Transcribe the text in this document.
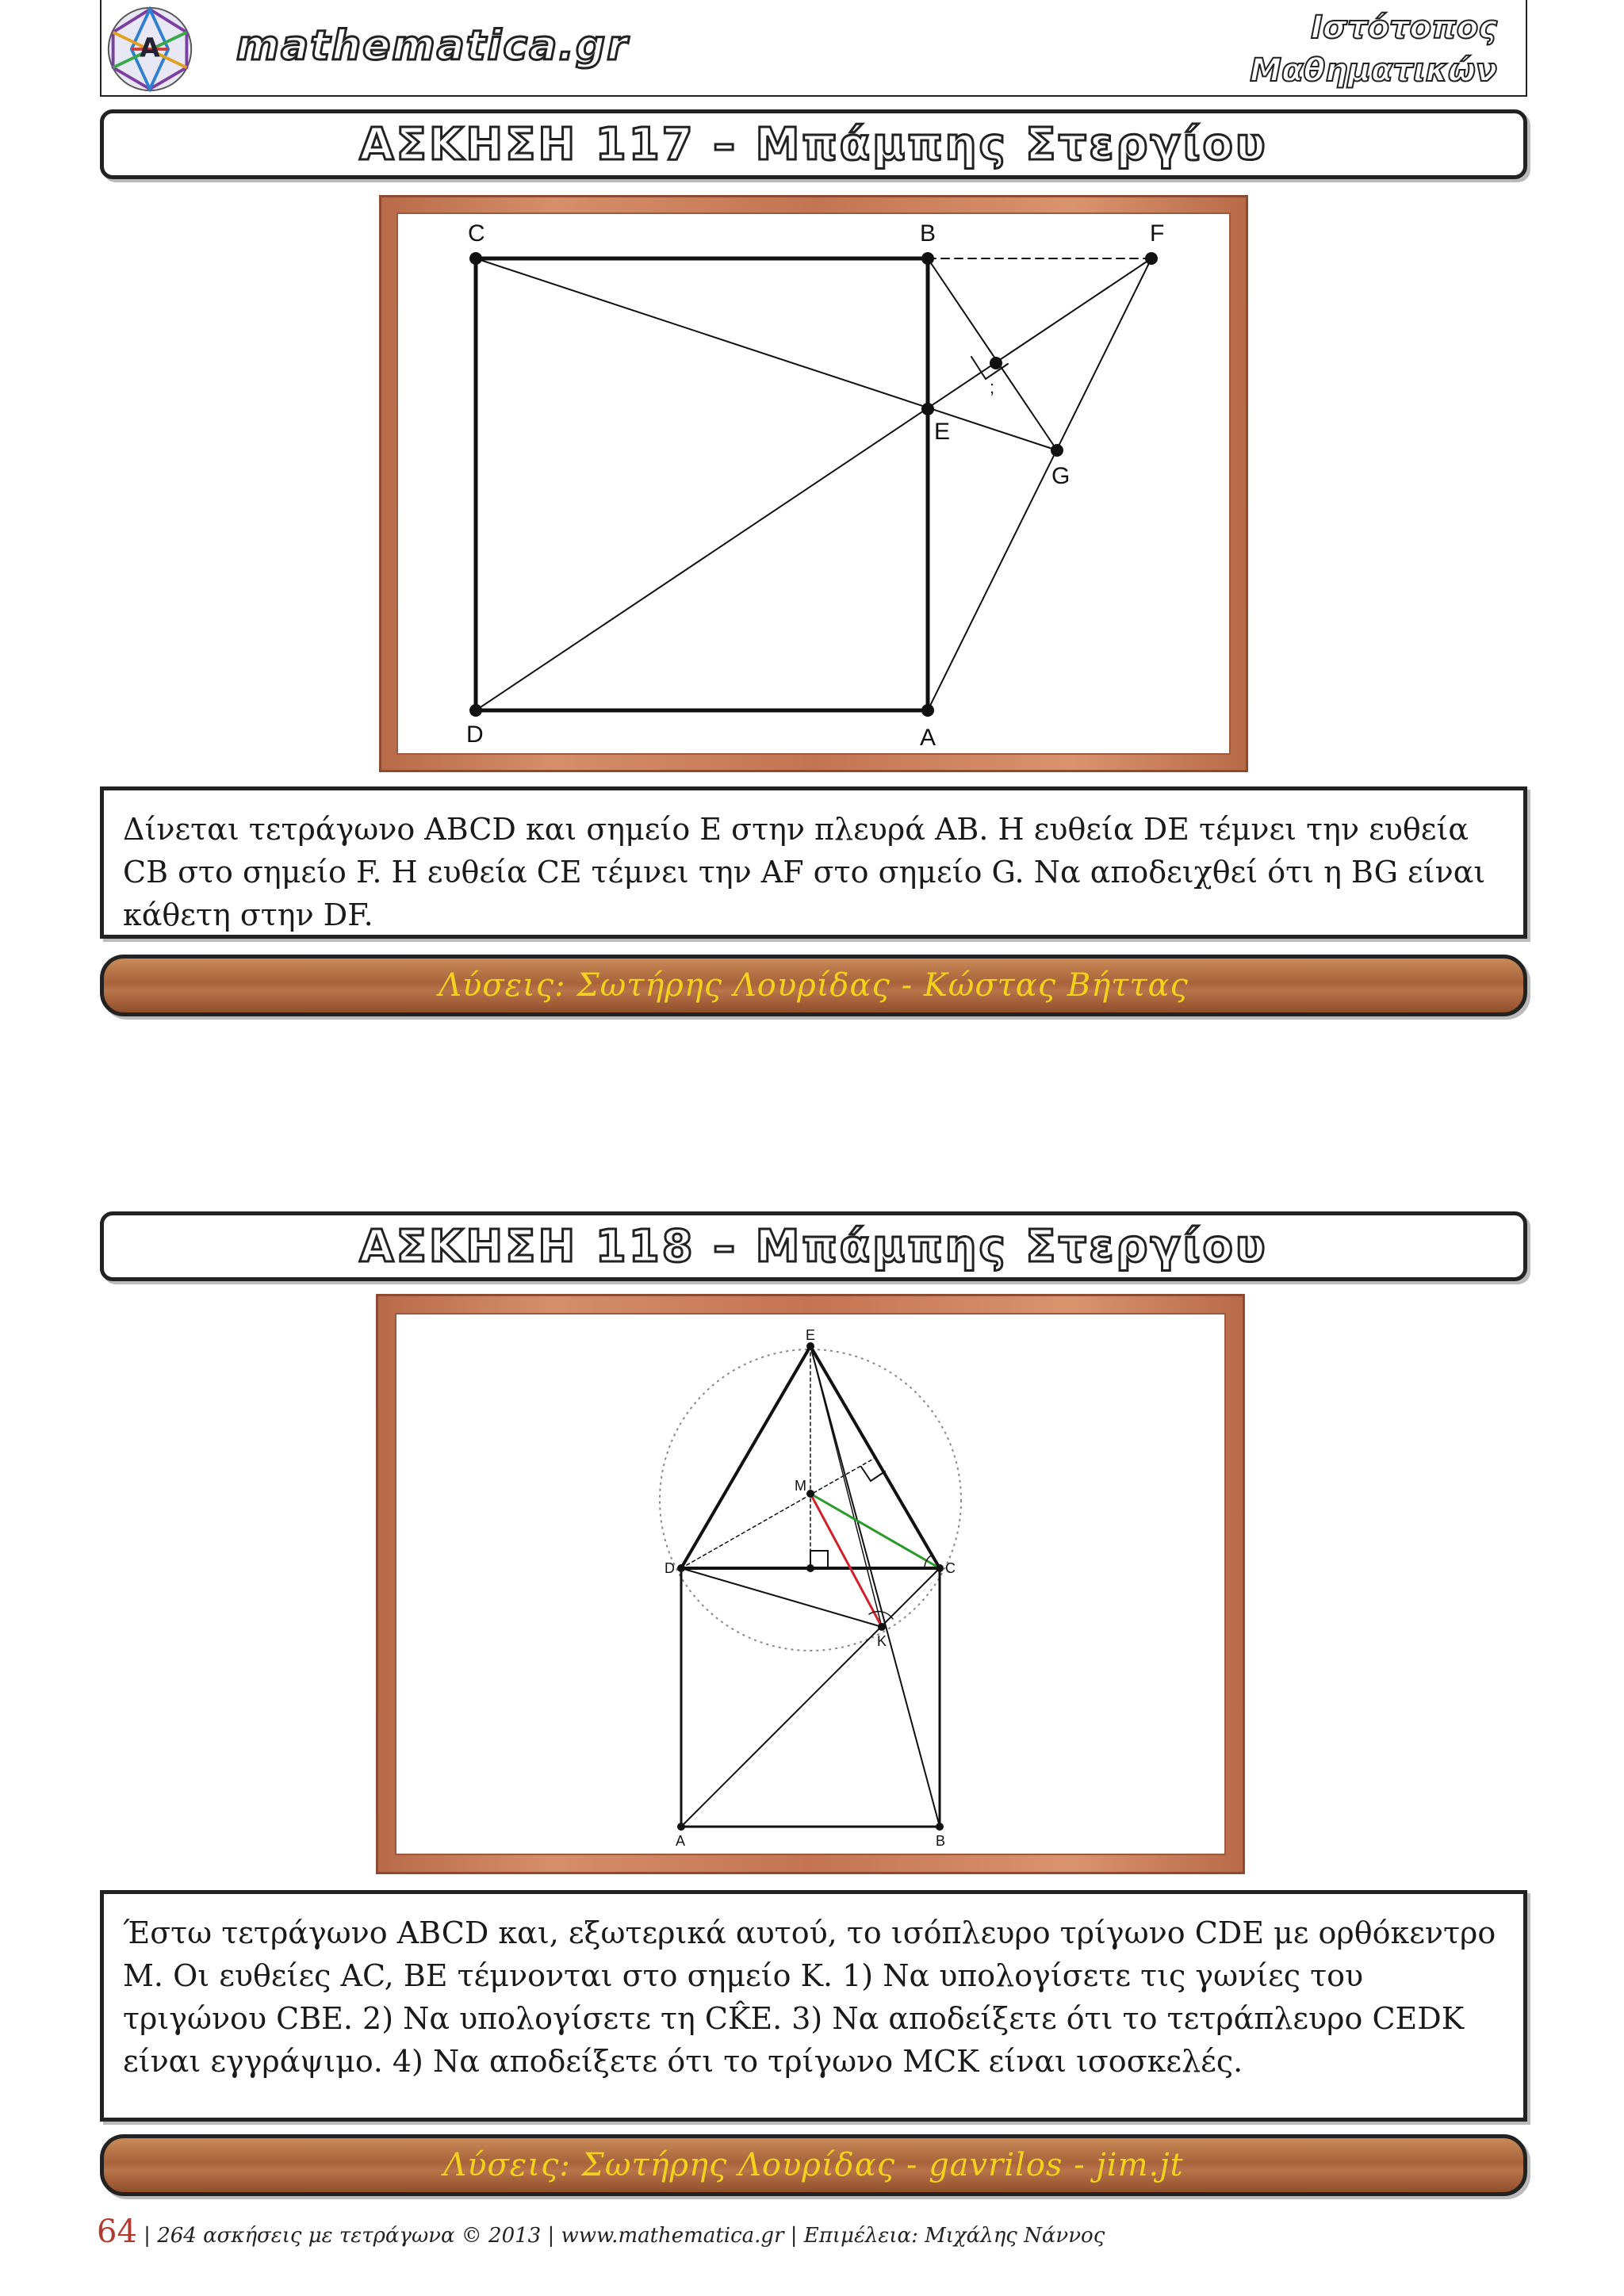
A mathematica.gr	Ιστότοπος
Μαθηματικών
ΑΣΚΗΣΗ 117 – Μπάμπης Στεργίου
C	B	F
E
G
D	A
;
Δίνεται τετράγωνο ABCD και σημείο E στην πλευρά AB. Η ευθεία DE τέμνει την ευθεία CB στο σημείο F. Η ευθεία CE τέμνει την AF στο σημείο G. Να αποδειχθεί ότι η BG είναι κάθετη στην DF.
Λύσεις: Σωτήρης Λουρίδας - Κώστας Βήττας
ΑΣΚΗΣΗ 118 – Μπάμπης Στεργίου
E
M
D	C
K
A	B
Έστω τετράγωνο ABCD και, εξωτερικά αυτού, το ισόπλευρο τρίγωνο CDE με ορθόκεντρο M. Οι ευθείες AC, BE τέμνονται στο σημείο K. 1) Να υπολογίσετε τις γωνίες του τριγώνου CBE. 2) Να υπολογίσετε τη CK̂E. 3) Να αποδείξετε ότι το τετράπλευρο CEDK είναι εγγράψιμο. 4) Να αποδείξετε ότι το τρίγωνο MCK είναι ισοσκελές.
Λύσεις: Σωτήρης Λουρίδας - gavrilos - jim.jt
64 | 264 ασκήσεις με τετράγωνα © 2013 | www.mathematica.gr | Επιμέλεια: Μιχάλης Νάννος
